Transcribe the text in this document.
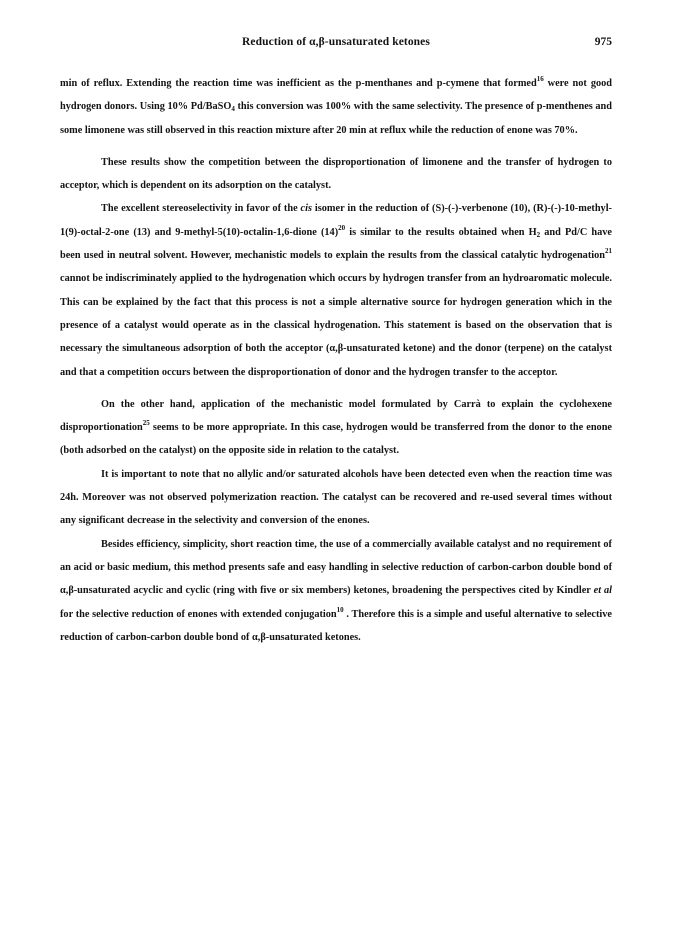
Reduction of α,β-unsaturated ketones	975

min of reflux. Extending the reaction time was inefficient as the p-menthanes and p-cymene that formed$^{16}$ were not good hydrogen donors. Using 10% Pd/BaSO$_4$ this conversion was 100% with the same selectivity. The presence of p-menthenes and some limonene was still observed in this reaction mixture after 20 min at reflux while the reduction of enone was 70%.

These results show the competition between the disproportionation of limonene and the transfer of hydrogen to acceptor, which is dependent on its adsorption on the catalyst.

The excellent stereoselectivity in favor of the cis isomer in the reduction of (S)-(-)-verbenone (10), (R)-(-)-10-methyl-1(9)-octal-2-one (13) and 9-methyl-5(10)-octalin-1,6-dione $(14)^{20}$ is similar to the results obtained when $H_2$ and Pd/C have been used in neutral solvent. However, mechanistic models to explain the results from the classical catalytic hydrogenation$^{21}$ cannot be indiscriminately applied to the hydrogenation which occurs by hydrogen transfer from an hydroaromatic molecule. This can be explained by the fact that this process is not a simple alternative source for hydrogen generation which in the presence of a catalyst would operate as in the classical hydrogenation. This statement is based on the observation that is necessary the simultaneous adsorption of both the acceptor (α,β-unsaturated ketone) and the donor (terpene) on the catalyst and that a competition occurs between the disproportionation of donor and the hydrogen transfer to the acceptor.

On the other hand, application of the mechanistic model formulated by Carrà to explain the cyclohexene disproportionation$^{25}$ seems to be more appropriate. In this case, hydrogen would be transferred from the donor to the enone (both adsorbed on the catalyst) on the opposite side in relation to the catalyst.

It is important to note that no allylic and/or saturated alcohols have been detected even when the reaction time was 24h. Moreover was not observed polymerization reaction. The catalyst can be recovered and re-used several times without any significant decrease in the selectivity and conversion of the enones.

Besides efficiency, simplicity, short reaction time, the use of a commercially available catalyst and no requirement of an acid or basic medium, this method presents safe and easy handling in selective reduction of carbon-carbon double bond of α,β-unsaturated acyclic and cyclic (ring with five or six members) ketones, broadening the perspectives cited by Kindler et al for the selective reduction of enones with extended conjugation$^{10}$ . Therefore this is a simple and useful alternative to selective reduction of carbon-carbon double bond of α,β-unsaturated ketones.
